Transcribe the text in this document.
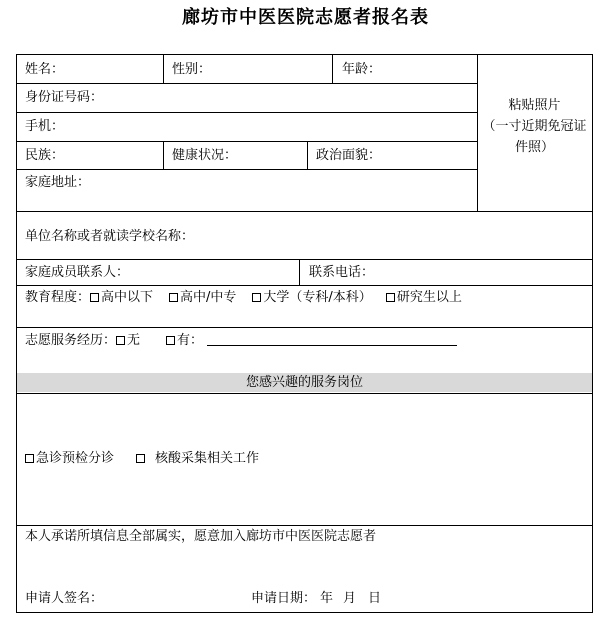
廊坊市中医医院志愿者报名表
姓名：	性别：	年龄：
身份证号码：
手机：
民族：	健康状况：	政治面貌：
家庭地址：
粘贴照片
（一寸近期免冠证件照）
单位名称或者就读学校名称：
家庭成员联系人：	联系电话：
教育程度： 高中以下 高中/中专 大学（专科/本科） 研究生以上
志愿服务经历： 无	有：
您感兴趣的服务岗位
急诊预检分诊	核酸采集相关工作
本人承诺所填信息全部属实，愿意加入廊坊市中医医院志愿者
申请人签名：	申请日期： 年 月 日
